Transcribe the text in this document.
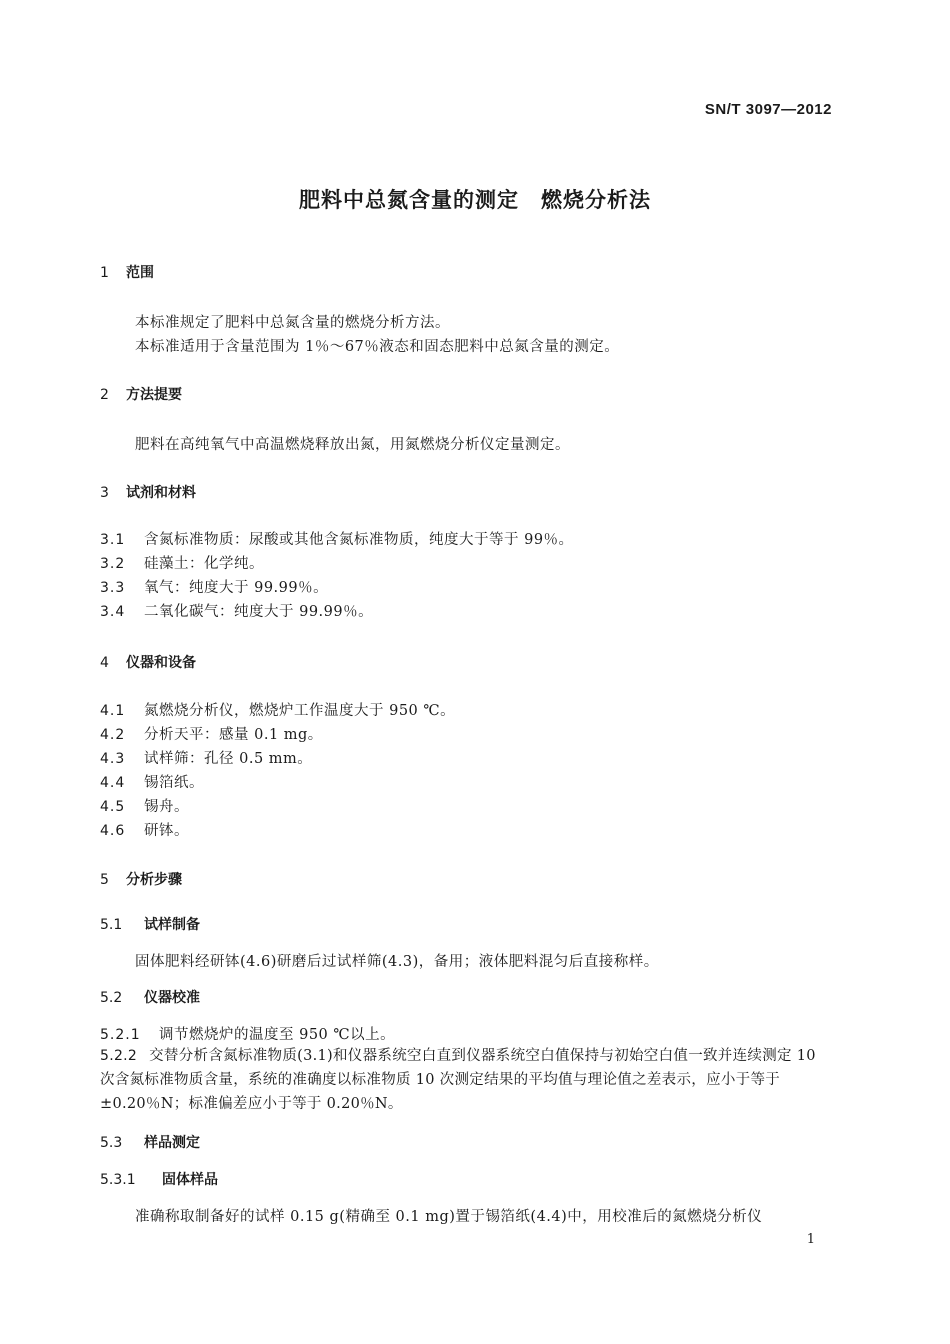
SN/T 3097—2012
肥料中总氮含量的测定　燃烧分析法
1 范围
本标准规定了肥料中总氮含量的燃烧分析方法。
本标准适用于含量范围为 1％～67％液态和固态肥料中总氮含量的测定。
2 方法提要
肥料在高纯氧气中高温燃烧释放出氮，用氮燃烧分析仪定量测定。
3 试剂和材料
3.1 含氮标准物质：尿酸或其他含氮标准物质，纯度大于等于 99％。
3.2 硅藻土：化学纯。
3.3 氧气：纯度大于 99.99％。
3.4 二氧化碳气：纯度大于 99.99％。
4 仪器和设备
4.1 氮燃烧分析仪，燃烧炉工作温度大于 950 ℃。
4.2 分析天平：感量 0.1 mg。
4.3 试样筛：孔径 0.5 mm。
4.4 锡箔纸。
4.5 锡舟。
4.6 研钵。
5 分析步骤
5.1 试样制备
固体肥料经研钵(4.6)研磨后过试样筛(4.3)，备用；液体肥料混匀后直接称样。
5.2 仪器校准
5.2.1 调节燃烧炉的温度至 950 ℃以上。
5.2.2 交替分析含氮标准物质(3.1)和仪器系统空白直到仪器系统空白值保持与初始空白值一致并连续测定 10 次含氮标准物质含量，系统的准确度以标准物质 10 次测定结果的平均值与理论值之差表示，应小于等于±0.20％N；标准偏差应小于等于 0.20％N。
5.3 样品测定
5.3.1 固体样品
准确称取制备好的试样 0.15 g(精确至 0.1 mg)置于锡箔纸(4.4)中，用校准后的氮燃烧分析仪
1
